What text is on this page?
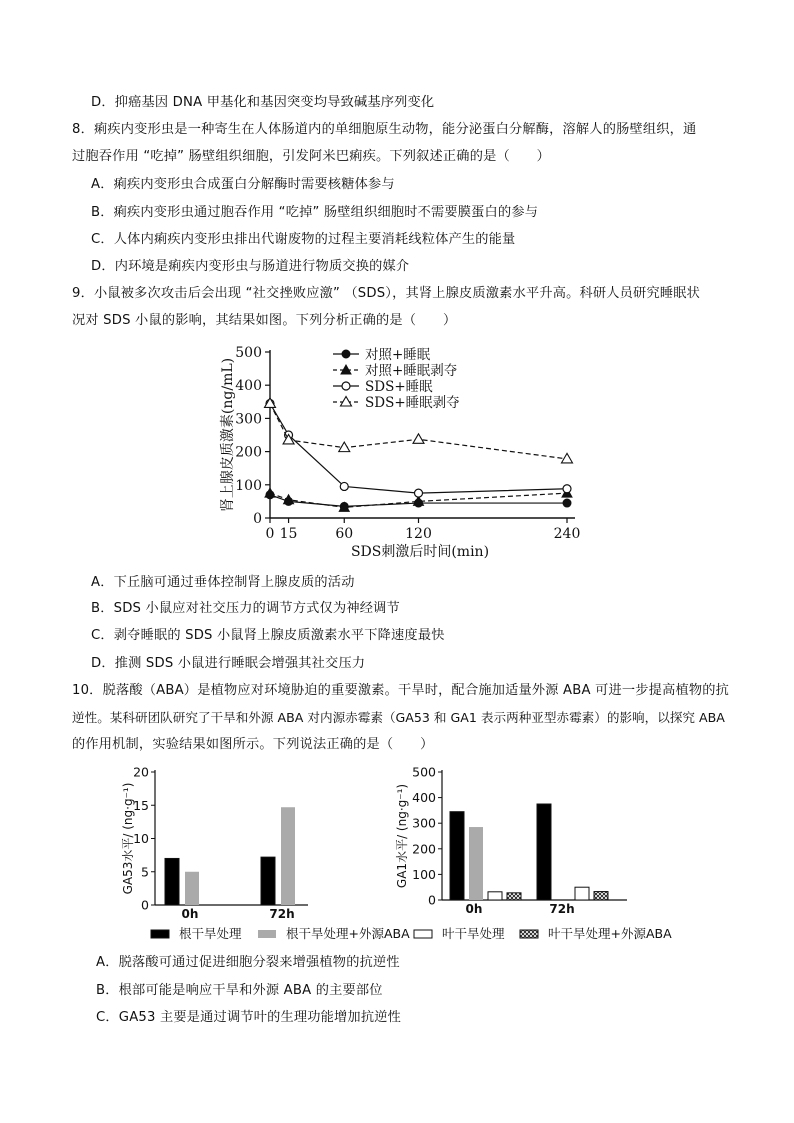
D．抑癌基因 DNA 甲基化和基因突变均导致碱基序列变化
8．痢疾内变形虫是一种寄生在人体肠道内的单细胞原生动物，能分泌蛋白分解酶，溶解人的肠壁组织，通
过胞吞作用 “吃掉” 肠壁组织细胞，引发阿米巴痢疾。下列叙述正确的是（　　）
A．痢疾内变形虫合成蛋白分解酶时需要核糖体参与
B．痢疾内变形虫通过胞吞作用 “吃掉” 肠壁组织细胞时不需要膜蛋白的参与
C．人体内痢疾内变形虫排出代谢废物的过程主要消耗线粒体产生的能量
D．内环境是痢疾内变形虫与肠道进行物质交换的媒介
9．小鼠被多次攻击后会出现 “社交挫败应激” （SDS），其肾上腺皮质激素水平升高。科研人员研究睡眠状
况对 SDS 小鼠的影响，其结果如图。下列分析正确的是（　　）
0
100
200
300
400
500
0 15	60	120	240
SDS刺激后时间(min)
肾上腺皮质激素(ng/mL)
对照+睡眠
对照+睡眠剥夺
SDS+睡眠
SDS+睡眠剥夺
A．下丘脑可通过垂体控制肾上腺皮质的活动
B．SDS 小鼠应对社交压力的调节方式仅为神经调节
C．剥夺睡眠的 SDS 小鼠肾上腺皮质激素水平下降速度最快
D．推测 SDS 小鼠进行睡眠会增强其社交压力
10．脱落酸（ABA）是植物应对环境胁迫的重要激素。干旱时，配合施加适量外源 ABA 可进一步提高植物的抗
逆性。某科研团队研究了干旱和外源 ABA 对内源赤霉素（GA53 和 GA1 表示两种亚型赤霉素）的影响，以探究 ABA
的作用机制，实验结果如图所示。下列说法正确的是（　　）
0
5
10
15
20
GA53水平/ (ng·g⁻¹)
0h	72h
0
100
200
300
400
500
GA1水平/ (ng·g⁻¹)
0h	72h
根干旱处理	根干旱处理+外源ABA	叶干旱处理	叶干旱处理+外源ABA
A．脱落酸可通过促进细胞分裂来增强植物的抗逆性
B．根部可能是响应干旱和外源 ABA 的主要部位
C．GA53 主要是通过调节叶的生理功能增加抗逆性
